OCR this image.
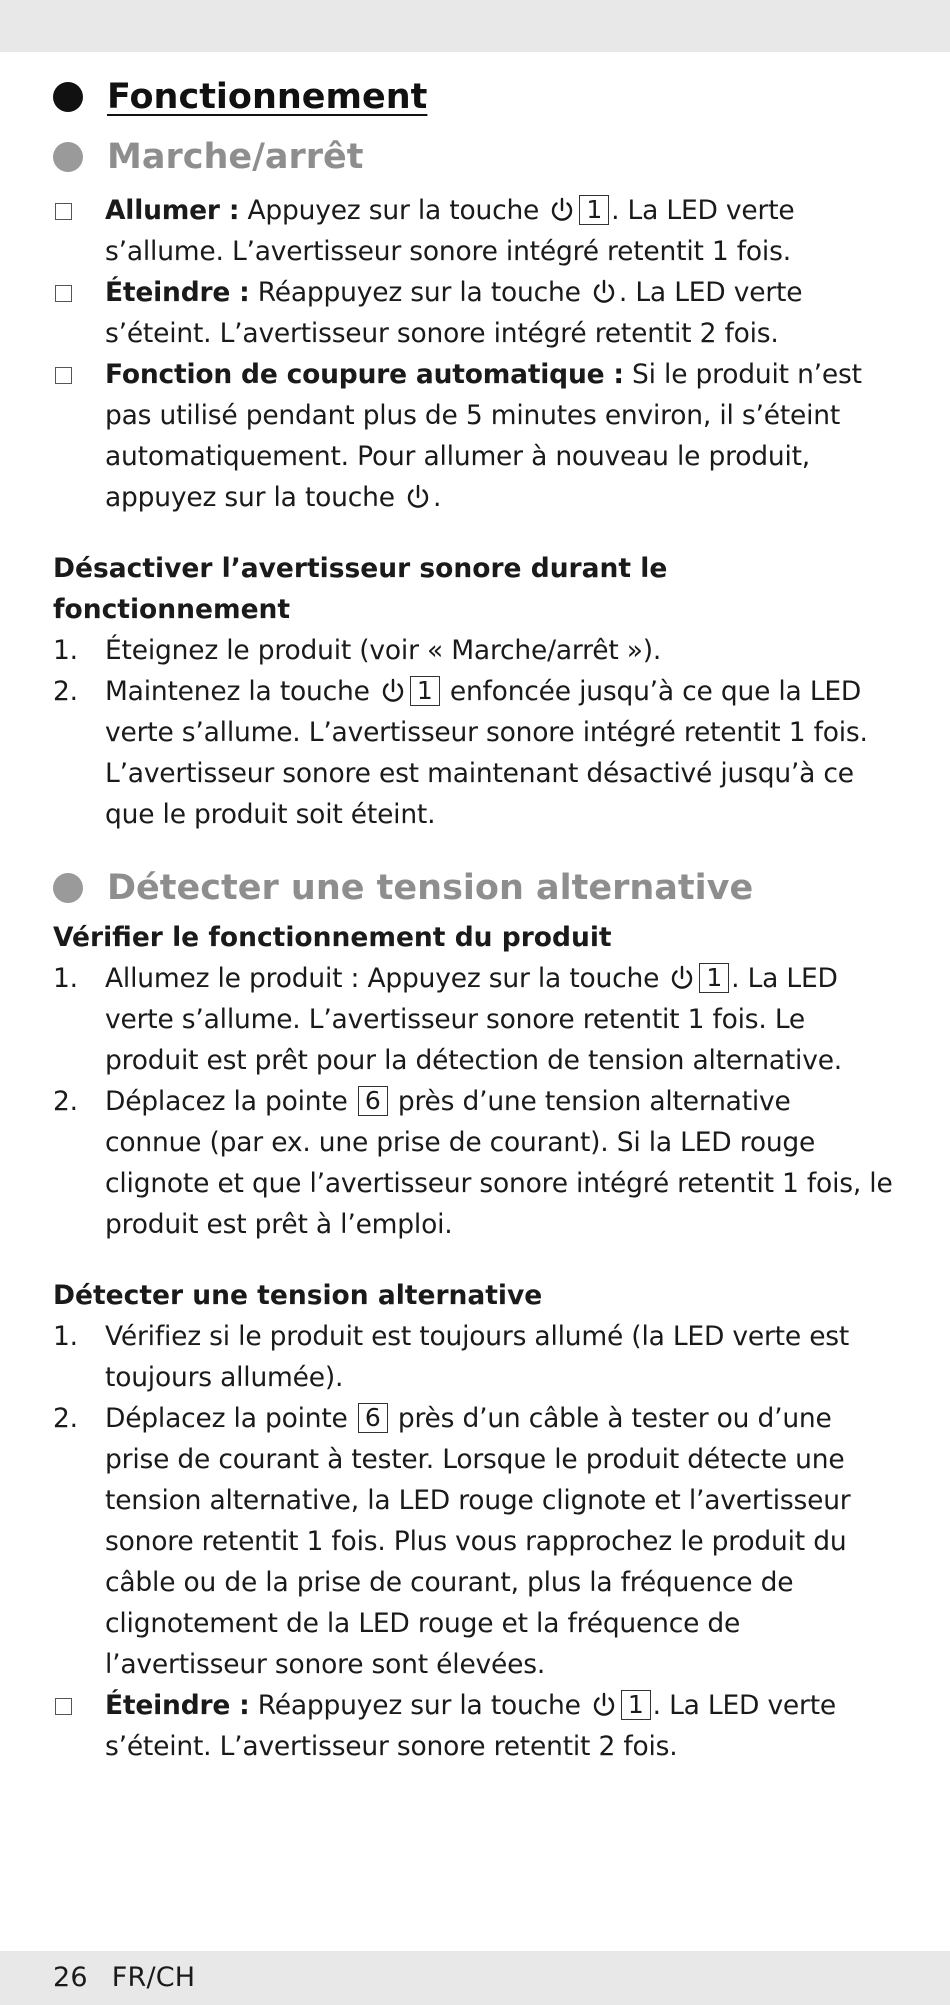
Fonctionnement
Marche/arrêt
Allumer : Appuyez sur la touche 1 . La LED verte s’allume. L’avertisseur sonore intégré retentit 1 fois.
Éteindre : Réappuyez sur la touche . La LED verte s’éteint. L’avertisseur sonore intégré retentit 2 fois.
Fonction de coupure automatique : Si le produit n’est pas utilisé pendant plus de 5 minutes environ, il s’éteint automatiquement. Pour allumer à nouveau le produit, appuyez sur la touche .
Désactiver l’avertisseur sonore durant le fonctionnement
1.	Éteignez le produit (voir « Marche/arrêt »).
2.	Maintenez la touche 1 enfoncée jusqu’à ce que la LED verte s’allume. L’avertisseur sonore intégré retentit 1 fois. L’avertisseur sonore est maintenant désactivé jusqu’à ce que le produit soit éteint.
Détecter une tension alternative
Vérifier le fonctionnement du produit
1.	Allumez le produit : Appuyez sur la touche 1 . La LED verte s’allume. L’avertisseur sonore retentit 1 fois. Le produit est prêt pour la détection de tension alternative.
2.	Déplacez la pointe 6 près d’une tension alternative connue (par ex. une prise de courant). Si la LED rouge clignote et que l’avertisseur sonore intégré retentit 1 fois, le produit est prêt à l’emploi.
Détecter une tension alternative
1.	Vérifiez si le produit est toujours allumé (la LED verte est toujours allumée).
2.	Déplacez la pointe 6 près d’un câble à tester ou d’une prise de courant à tester. Lorsque le produit détecte une tension alternative, la LED rouge clignote et l’avertisseur sonore retentit 1 fois. Plus vous rapprochez le produit du câble ou de la prise de courant, plus la fréquence de clignotement de la LED rouge et la fréquence de l’avertisseur sonore sont élevées.
Éteindre : Réappuyez sur la touche 1 . La LED verte s’éteint. L’avertisseur sonore retentit 2 fois.
26 FR/CH
